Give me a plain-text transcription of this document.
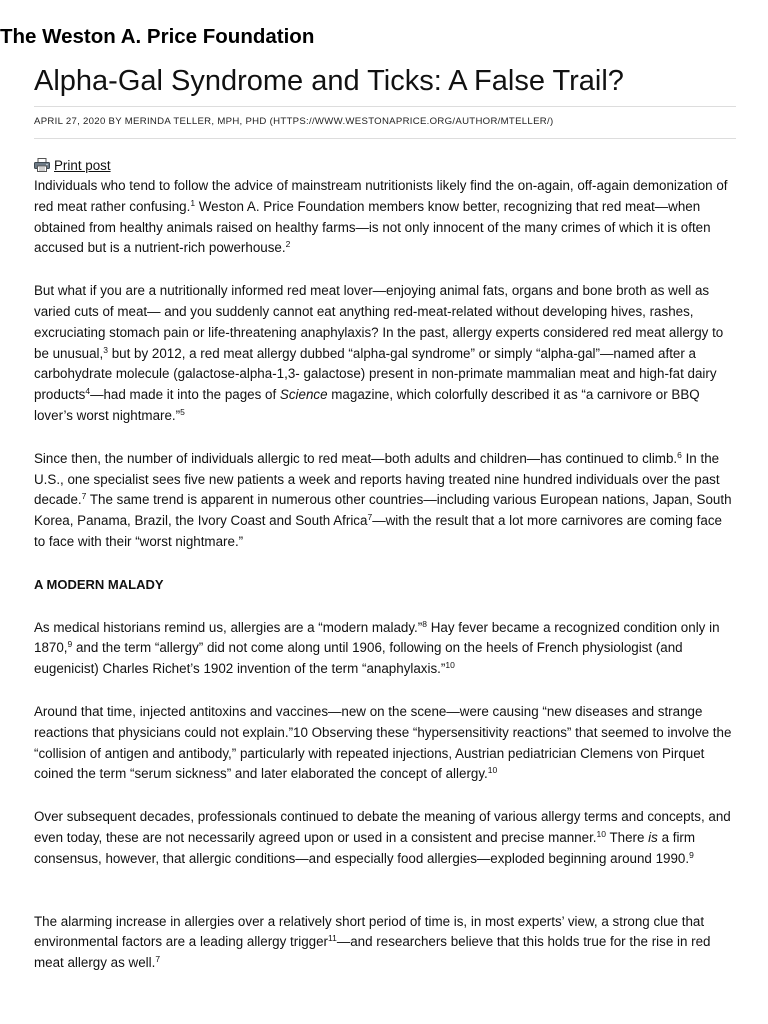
The Weston A. Price Foundation
Alpha-Gal Syndrome and Ticks: A False Trail?
APRIL 27, 2020 BY MERINDA TELLER, MPH, PHD (HTTPS://WWW.WESTONAPRICE.ORG/AUTHOR/MTELLER/)
Print post

Individuals who tend to follow the advice of mainstream nutritionists likely find the on-again, off-again demonization of red meat rather confusing.$^1$ Weston A. Price Foundation members know better, recognizing that red meat—when obtained from healthy animals raised on healthy farms—is not only innocent of the many crimes of which it is often accused but is a nutrient-rich powerhouse.$^2$

But what if you are a nutritionally informed red meat lover—enjoying animal fats, organs and bone broth as well as varied cuts of meat— and you suddenly cannot eat anything red-meat-related without developing hives, rashes, excruciating stomach pain or life-threatening anaphylaxis? In the past, allergy experts considered red meat allergy to be unusual,$^3$ but by 2012, a red meat allergy dubbed “alpha-gal syndrome” or simply “alpha-gal”—named after a carbohydrate molecule (galactose-alpha-1,3- galactose) present in non-primate mammalian meat and high-fat dairy products$^4$—had made it into the pages of Science magazine, which colorfully described it as “a carnivore or BBQ lover’s worst nightmare.”$^5$

Since then, the number of individuals allergic to red meat—both adults and children—has continued to climb.$^6$ In the U.S., one specialist sees five new patients a week and reports having treated nine hundred individuals over the past decade.$^7$ The same trend is apparent in numerous other countries—including various European nations, Japan, South Korea, Panama, Brazil, the Ivory Coast and South Africa$^7$—with the result that a lot more carnivores are coming face to face with their “worst nightmare.”

A MODERN MALADY

As medical historians remind us, allergies are a “modern malady.”$^8$ Hay fever became a recognized condition only in 1870,$^9$ and the term “allergy” did not come along until 1906, following on the heels of French physiologist (and eugenicist) Charles Richet’s 1902 invention of the term “anaphylaxis.”$^{10}$

Around that time, injected antitoxins and vaccines—new on the scene—were causing “new diseases and strange reactions that physicians could not explain.”10 Observing these “hypersensitivity reactions” that seemed to involve the “collision of antigen and antibody,” particularly with repeated injections, Austrian pediatrician Clemens von Pirquet coined the term “serum sickness” and later elaborated the concept of allergy.$^{10}$

Over subsequent decades, professionals continued to debate the meaning of various allergy terms and concepts, and even today, these are not necessarily agreed upon or used in a consistent and precise manner.$^{10}$ There is a firm consensus, however, that allergic conditions—and especially food allergies—exploded beginning around 1990.$^9$

The alarming increase in allergies over a relatively short period of time is, in most experts’ view, a strong clue that environmental factors are a leading allergy trigger$^{11}$—and researchers believe that this holds true for the rise in red meat allergy as well.$^7$
